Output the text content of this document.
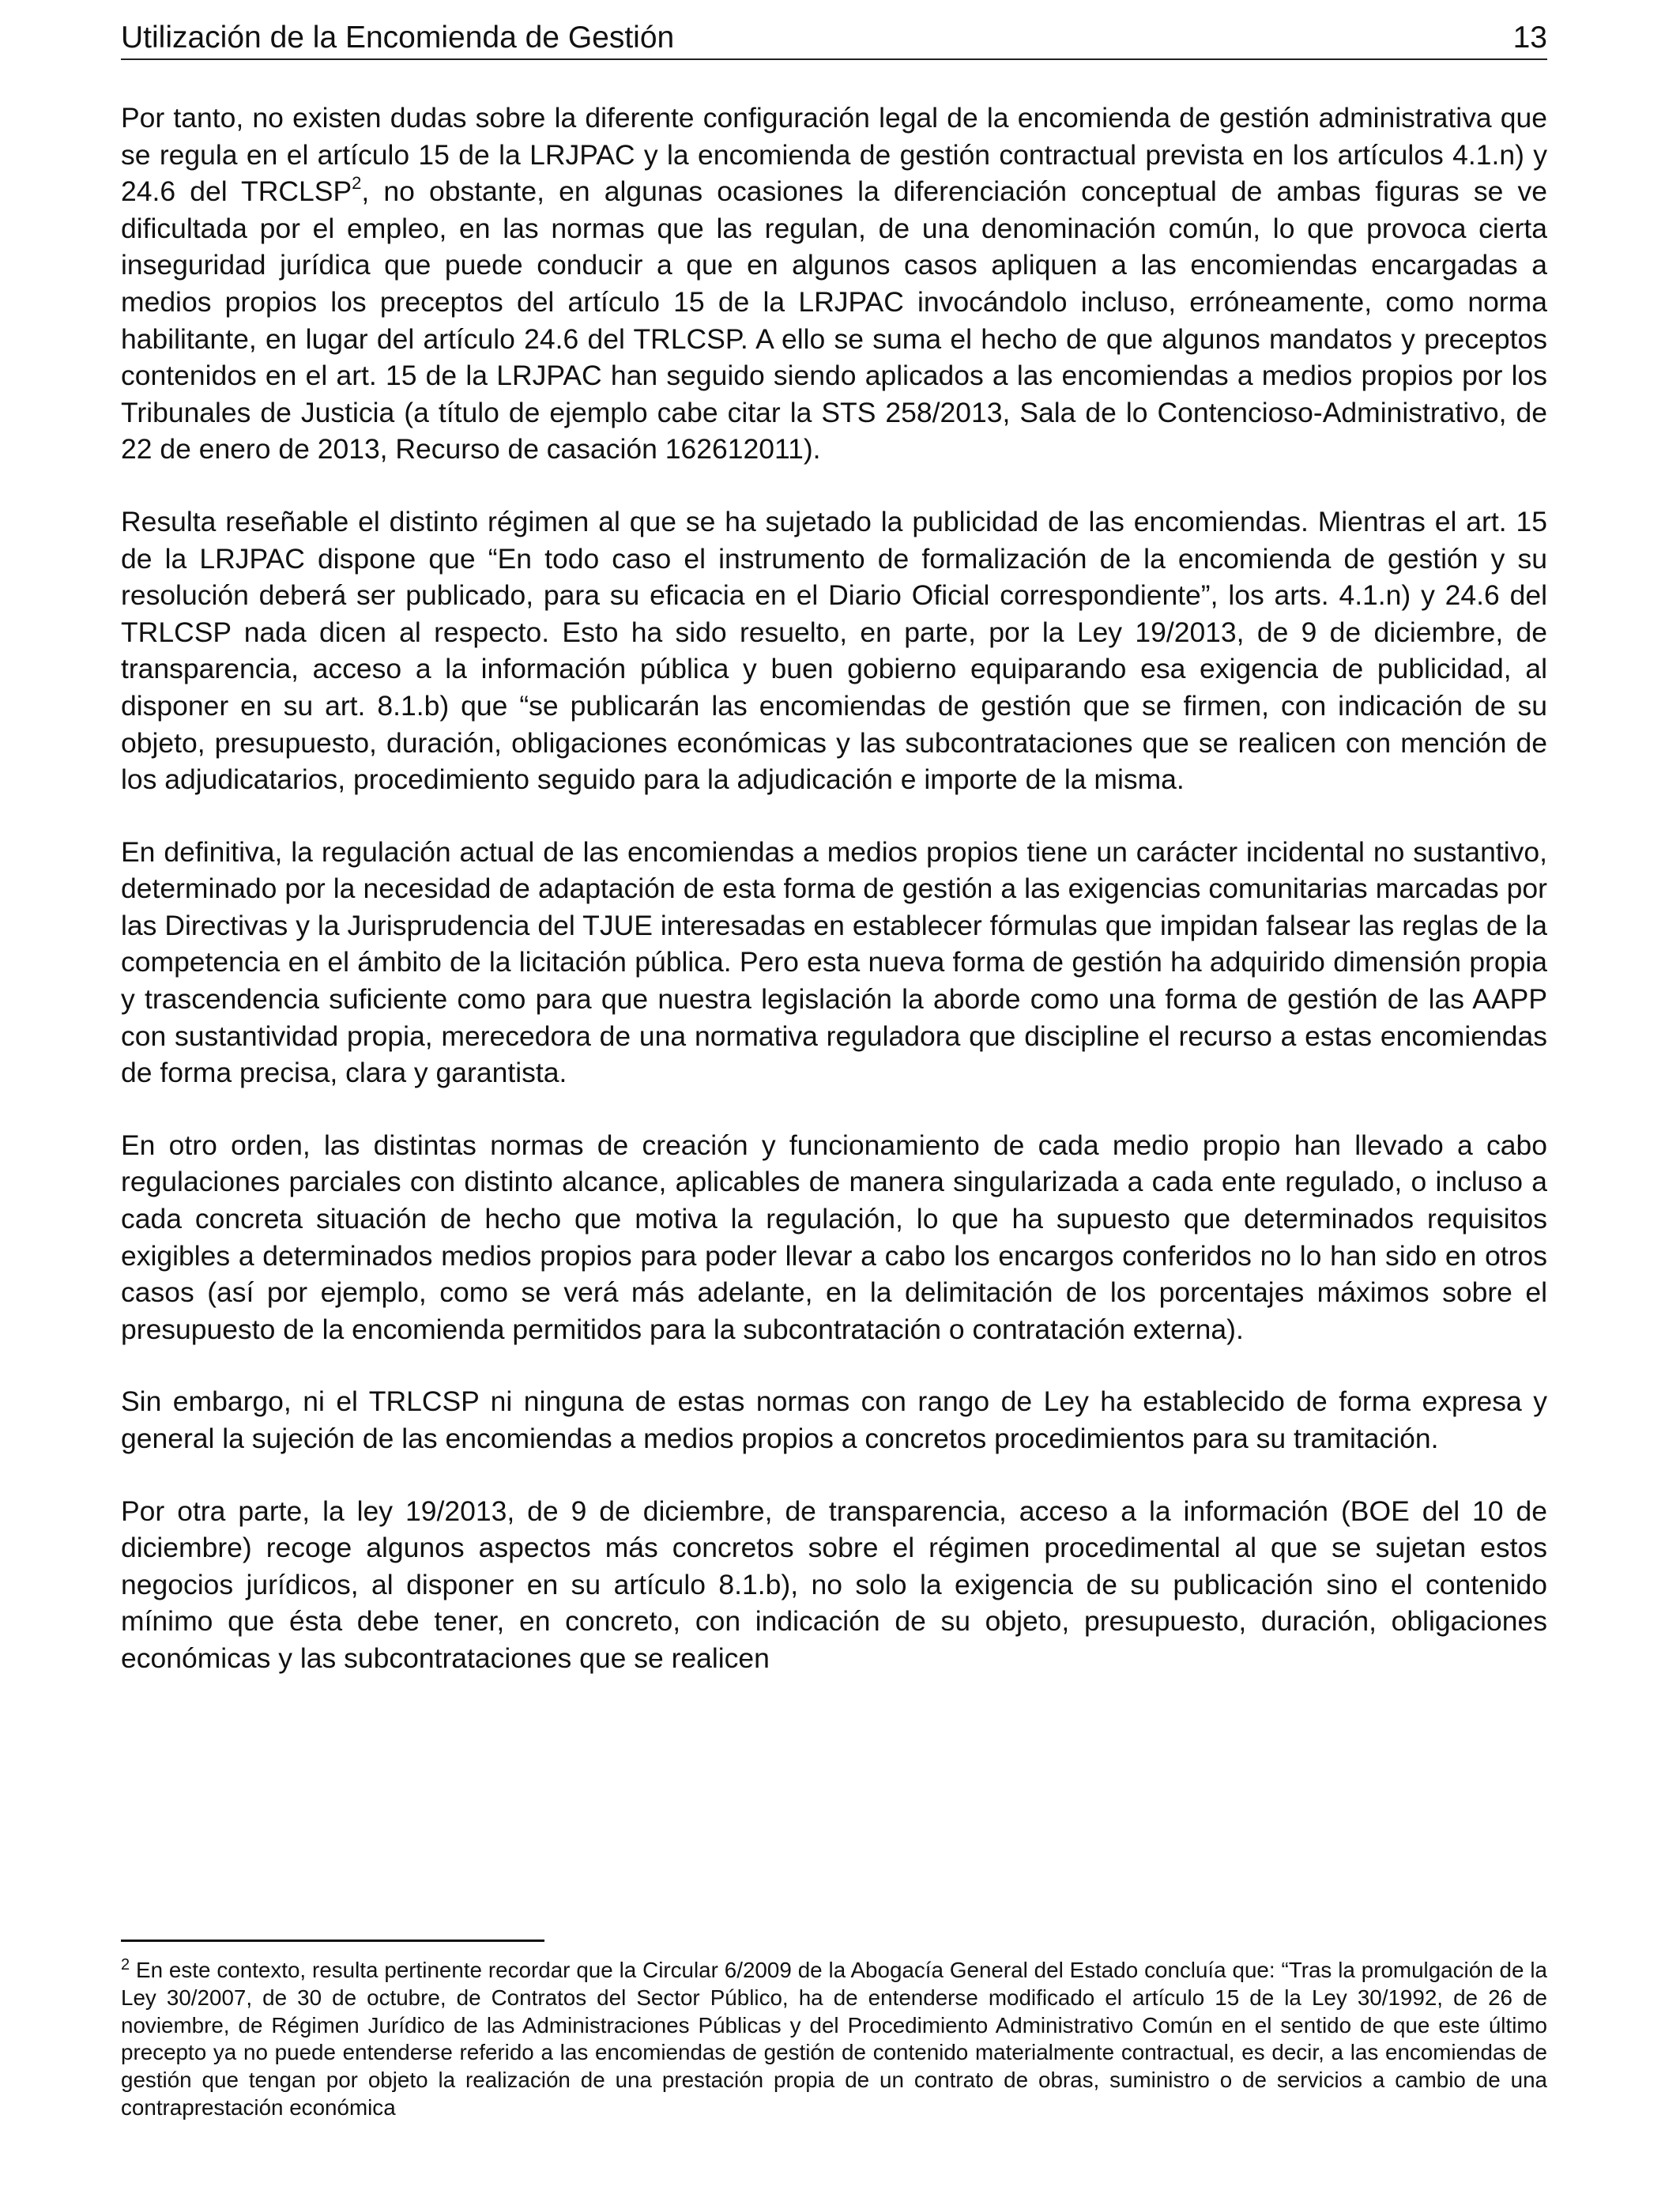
Utilización de la Encomienda de Gestión	13

Por tanto, no existen dudas sobre la diferente configuración legal de la encomienda de gestión administrativa que se regula en el artículo 15 de la LRJPAC y la encomienda de gestión contractual prevista en los artículos 4.1.n) y 24.6 del TRCLSP$^2$, no obstante, en algunas ocasiones la diferenciación conceptual de ambas figuras se ve dificultada por el empleo, en las normas que las regulan, de una denominación común, lo que provoca cierta inseguridad jurídica que puede conducir a que en algunos casos apliquen a las encomiendas encargadas a medios propios los preceptos del artículo 15 de la LRJPAC invocándolo incluso, erróneamente, como norma habilitante, en lugar del artículo 24.6 del TRLCSP. A ello se suma el hecho de que algunos mandatos y preceptos contenidos en el art. 15 de la LRJPAC han seguido siendo aplicados a las encomiendas a medios propios por los Tribunales de Justicia (a título de ejemplo cabe citar la STS 258/2013, Sala de lo Contencioso-Administrativo, de 22 de enero de 2013, Recurso de casación 162612011).

Resulta reseñable el distinto régimen al que se ha sujetado la publicidad de las encomiendas. Mientras el art. 15 de la LRJPAC dispone que “En todo caso el instrumento de formalización de la encomienda de gestión y su resolución deberá ser publicado, para su eficacia en el Diario Oficial correspondiente”, los arts. 4.1.n) y 24.6 del TRLCSP nada dicen al respecto. Esto ha sido resuelto, en parte, por la Ley 19/2013, de 9 de diciembre, de transparencia, acceso a la información pública y buen gobierno equiparando esa exigencia de publicidad, al disponer en su art. 8.1.b) que “se publicarán las encomiendas de gestión que se firmen, con indicación de su objeto, presupuesto, duración, obligaciones económicas y las subcontrataciones que se realicen con mención de los adjudicatarios, procedimiento seguido para la adjudicación e importe de la misma.

En definitiva, la regulación actual de las encomiendas a medios propios tiene un carácter incidental no sustantivo, determinado por la necesidad de adaptación de esta forma de gestión a las exigencias comunitarias marcadas por las Directivas y la Jurisprudencia del TJUE interesadas en establecer fórmulas que impidan falsear las reglas de la competencia en el ámbito de la licitación pública. Pero esta nueva forma de gestión ha adquirido dimensión propia y trascendencia suficiente como para que nuestra legislación la aborde como una forma de gestión de las AAPP con sustantividad propia, merecedora de una normativa reguladora que discipline el recurso a estas encomiendas de forma precisa, clara y garantista.

En otro orden, las distintas normas de creación y funcionamiento de cada medio propio han llevado a cabo regulaciones parciales con distinto alcance, aplicables de manera singularizada a cada ente regulado, o incluso a cada concreta situación de hecho que motiva la regulación, lo que ha supuesto que determinados requisitos exigibles a determinados medios propios para poder llevar a cabo los encargos conferidos no lo han sido en otros casos (así por ejemplo, como se verá más adelante, en la delimitación de los porcentajes máximos sobre el presupuesto de la encomienda permitidos para la subcontratación o contratación externa).

Sin embargo, ni el TRLCSP ni ninguna de estas normas con rango de Ley ha establecido de forma expresa y general la sujeción de las encomiendas a medios propios a concretos procedimientos para su tramitación.

Por otra parte, la ley 19/2013, de 9 de diciembre, de transparencia, acceso a la información (BOE del 10 de diciembre) recoge algunos aspectos más concretos sobre el régimen procedimental al que se sujetan estos negocios jurídicos, al disponer en su artículo 8.1.b), no solo la exigencia de su publicación sino el contenido mínimo que ésta debe tener, en concreto, con indicación de su objeto, presupuesto, duración, obligaciones económicas y las subcontrataciones que se realicen

$^2$ En este contexto, resulta pertinente recordar que la Circular 6/2009 de la Abogacía General del Estado concluía que: “Tras la promulgación de la Ley 30/2007, de 30 de octubre, de Contratos del Sector Público, ha de entenderse modificado el artículo 15 de la Ley 30/1992, de 26 de noviembre, de Régimen Jurídico de las Administraciones Públicas y del Procedimiento Administrativo Común en el sentido de que este último precepto ya no puede entenderse referido a las encomiendas de gestión de contenido materialmente contractual, es decir, a las encomiendas de gestión que tengan por objeto la realización de una prestación propia de un contrato de obras, suministro o de servicios a cambio de una contraprestación económica
